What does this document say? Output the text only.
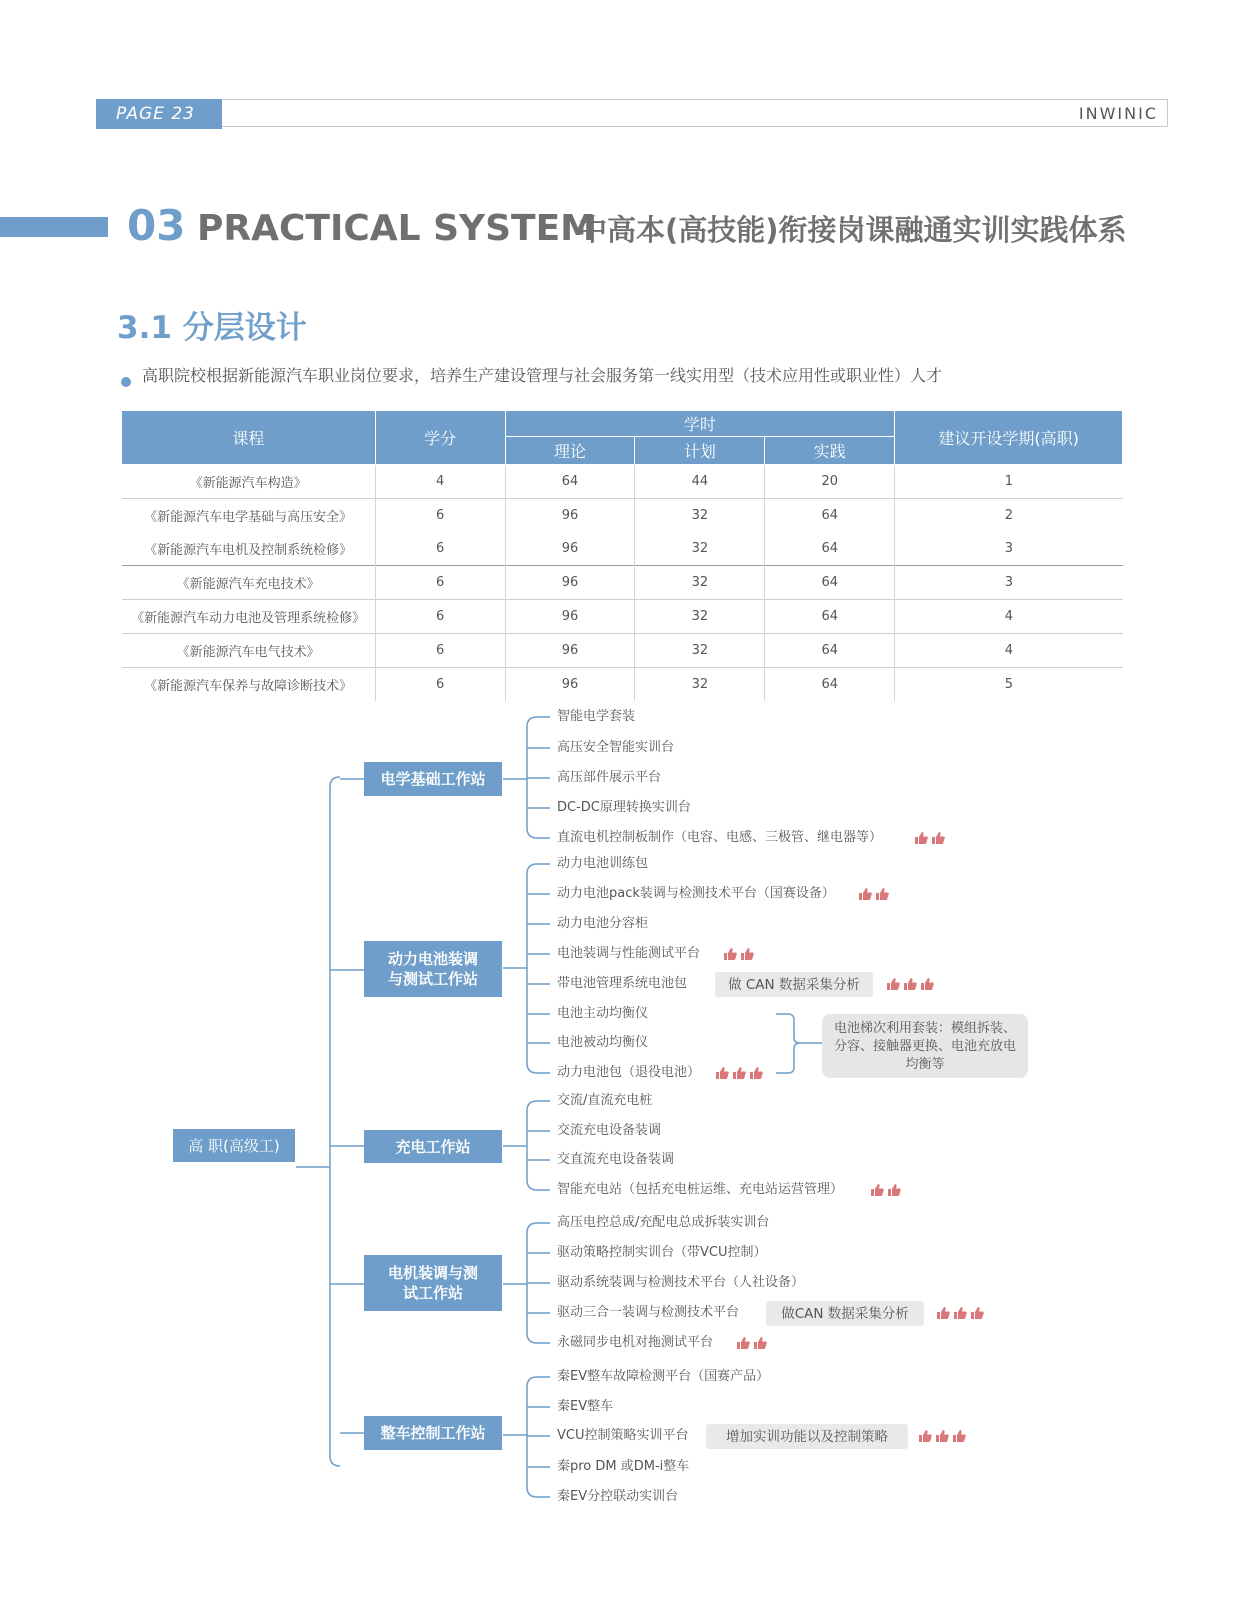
PAGE 23	INWINIC
03 PRACTICAL SYSTEM
中高本(高技能)衔接岗课融通实训实践体系
3.1 分层设计
高职院校根据新能源汽车职业岗位要求，培养生产建设管理与社会服务第一线实用型（技术应用性或职业性）人才
课程	学分	学时			建议开设学期(高职)
		理论	计划	实践	
《新能源汽车构造》	4	64	44	20	1
《新能源汽车电学基础与高压安全》	6	96	32	64	2
《新能源汽车电机及控制系统检修》	6	96	32	64	3
《新能源汽车充电技术》	6	96	32	64	3
《新能源汽车动力电池及管理系统检修》	6	96	32	64	4
《新能源汽车电气技术》	6	96	32	64	4
《新能源汽车保养与故障诊断技术》	6	96	32	64	5
高 职(高级工)
电学基础工作站
动力电池装调与测试工作站
充电工作站
电机装调与测试工作站
整车控制工作站
智能电学套装
高压安全智能实训台
高压部件展示平台
DC-DC原理转换实训台
直流电机控制板制作（电容、电感、三极管、继电器等）
动力电池训练包
动力电池pack装调与检测技术平台（国赛设备）
动力电池分容柜
电池装调与性能测试平台
带电池管理系统电池包	做 CAN 数据采集分析
电池主动均衡仪
电池被动均衡仪
动力电池包（退役电池）
电池梯次利用套装：模组拆装、分容、接触器更换、电池充放电均衡等
交流/直流充电桩
交流充电设备装调
交直流充电设备装调
智能充电站（包括充电桩运维、充电站运营管理）
高压电控总成/充配电总成拆装实训台
驱动策略控制实训台（带VCU控制）
驱动系统装调与检测技术平台（人社设备）
驱动三合一装调与检测技术平台	做CAN 数据采集分析
永磁同步电机对拖测试平台
秦EV整车故障检测平台（国赛产品）
秦EV整车
VCU控制策略实训平台	增加实训功能以及控制策略
秦pro DM 或DM-i整车
秦EV分控联动实训台
